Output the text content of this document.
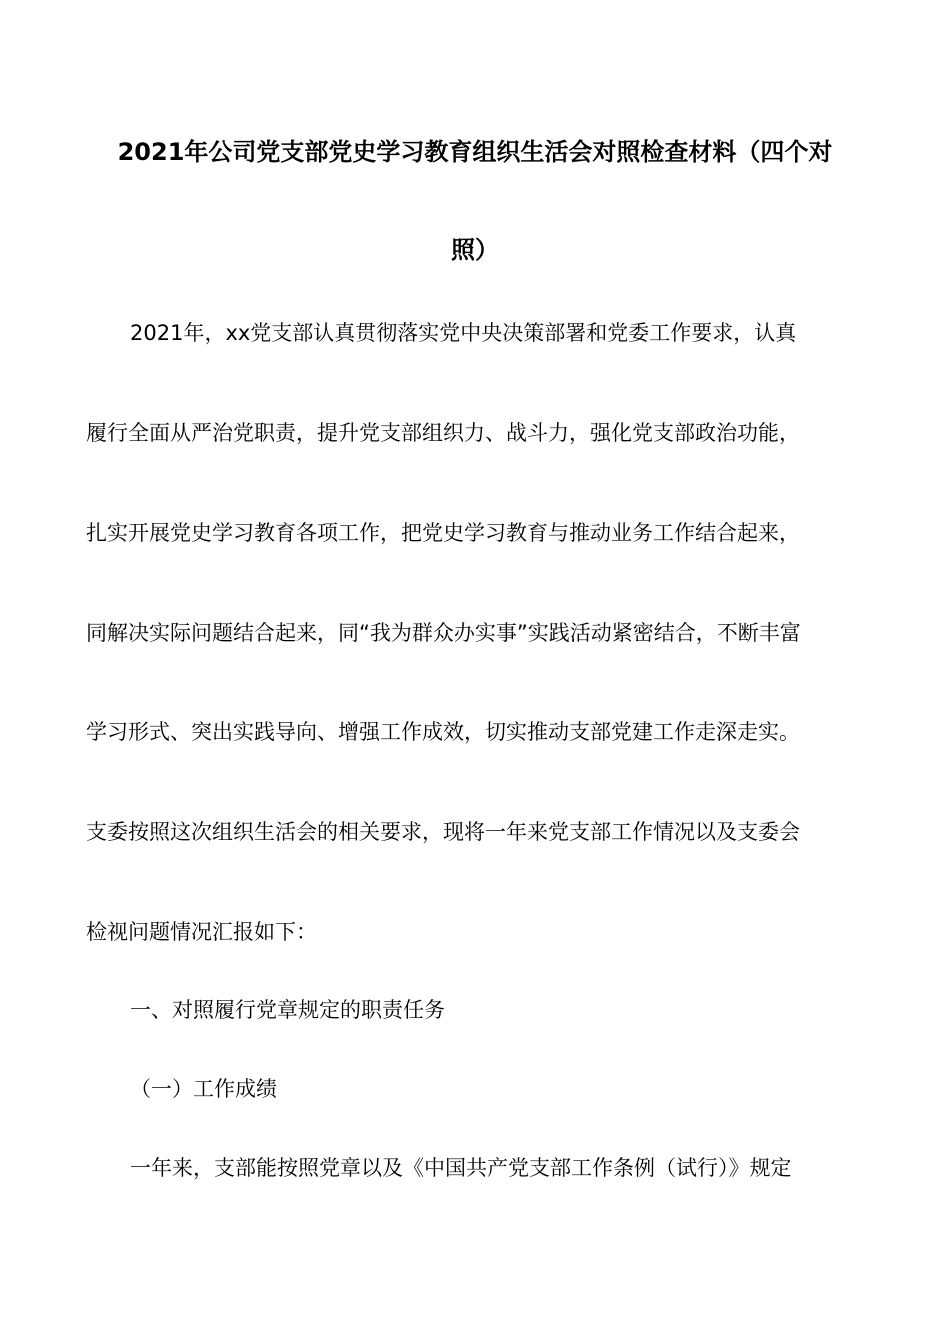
2021年公司党支部党史学习教育组织生活会对照检查材料（四个对
照）
2021年，xx党支部认真贯彻落实党中央决策部署和党委工作要求，认真
履行全面从严治党职责，提升党支部组织力、战斗力，强化党支部政治功能，
扎实开展党史学习教育各项工作，把党史学习教育与推动业务工作结合起来，
同解决实际问题结合起来，同“我为群众办实事”实践活动紧密结合，不断丰富
学习形式、突出实践导向、增强工作成效，切实推动支部党建工作走深走实。
支委按照这次组织生活会的相关要求，现将一年来党支部工作情况以及支委会
检视问题情况汇报如下：
一、对照履行党章规定的职责任务
（一）工作成绩
一年来，支部能按照党章以及《中国共产党支部工作条例（试行）》规定
